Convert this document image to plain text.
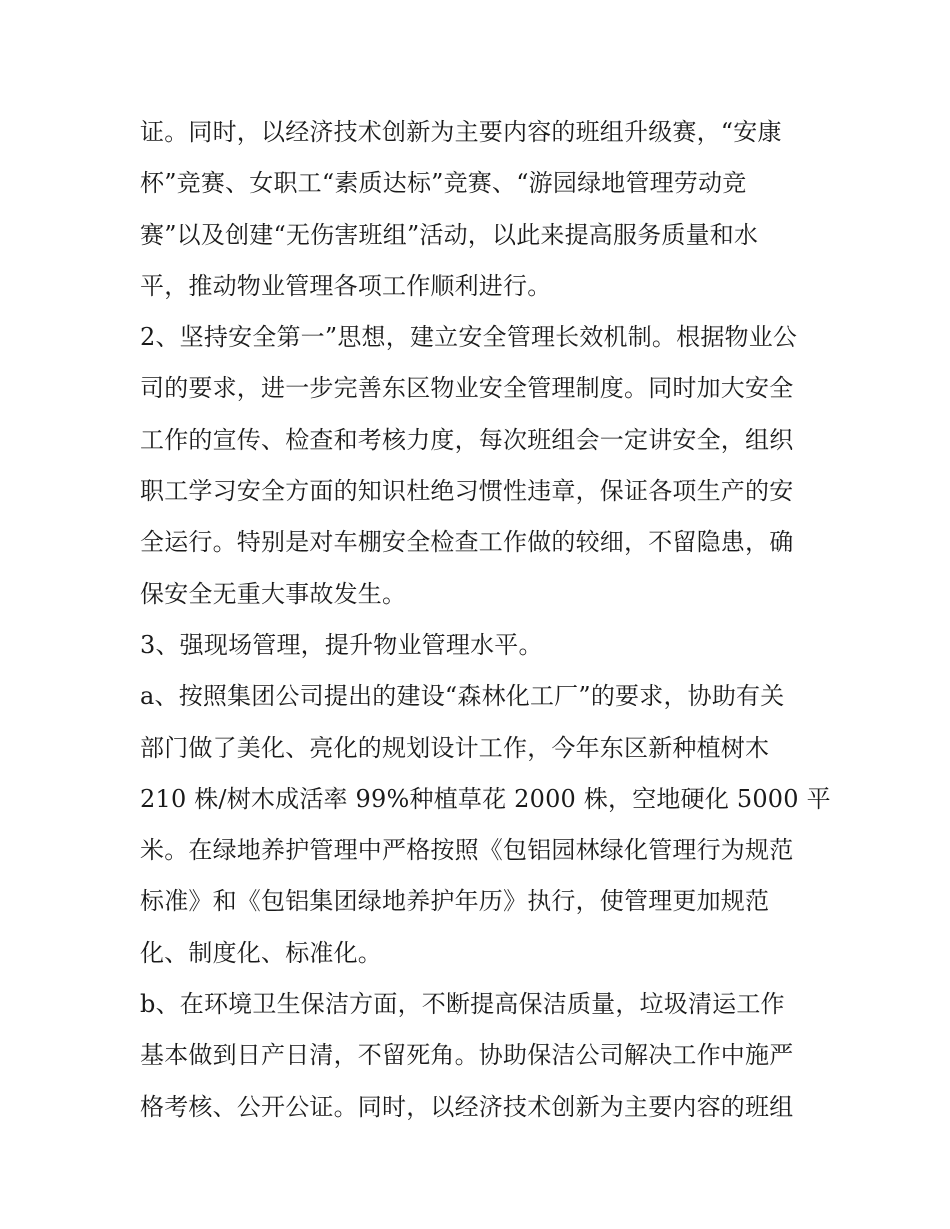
证。同时，以经济技术创新为主要内容的班组升级赛，“安康
杯”竞赛、女职工“素质达标”竞赛、“游园绿地管理劳动竞
赛”以及创建“无伤害班组”活动，以此来提高服务质量和水
平，推动物业管理各项工作顺利进行。
2、坚持安全第一”思想，建立安全管理长效机制。根据物业公
司的要求，进一步完善东区物业安全管理制度。同时加大安全
工作的宣传、检查和考核力度，每次班组会一定讲安全，组织
职工学习安全方面的知识杜绝习惯性违章，保证各项生产的安
全运行。特别是对车棚安全检查工作做的较细，不留隐患，确
保安全无重大事故发生。
3、强现场管理，提升物业管理水平。
a、按照集团公司提出的建设“森林化工厂”的要求，协助有关
部门做了美化、亮化的规划设计工作，今年东区新种植树木
210 株/树木成活率 99%种植草花 2000 株，空地硬化 5000 平
米。在绿地养护管理中严格按照《包铝园林绿化管理行为规范
标准》和《包铝集团绿地养护年历》执行，使管理更加规范
化、制度化、标准化。
b、在环境卫生保洁方面，不断提高保洁质量，垃圾清运工作
基本做到日产日清，不留死角。协助保洁公司解决工作中施严
格考核、公开公证。同时，以经济技术创新为主要内容的班组
